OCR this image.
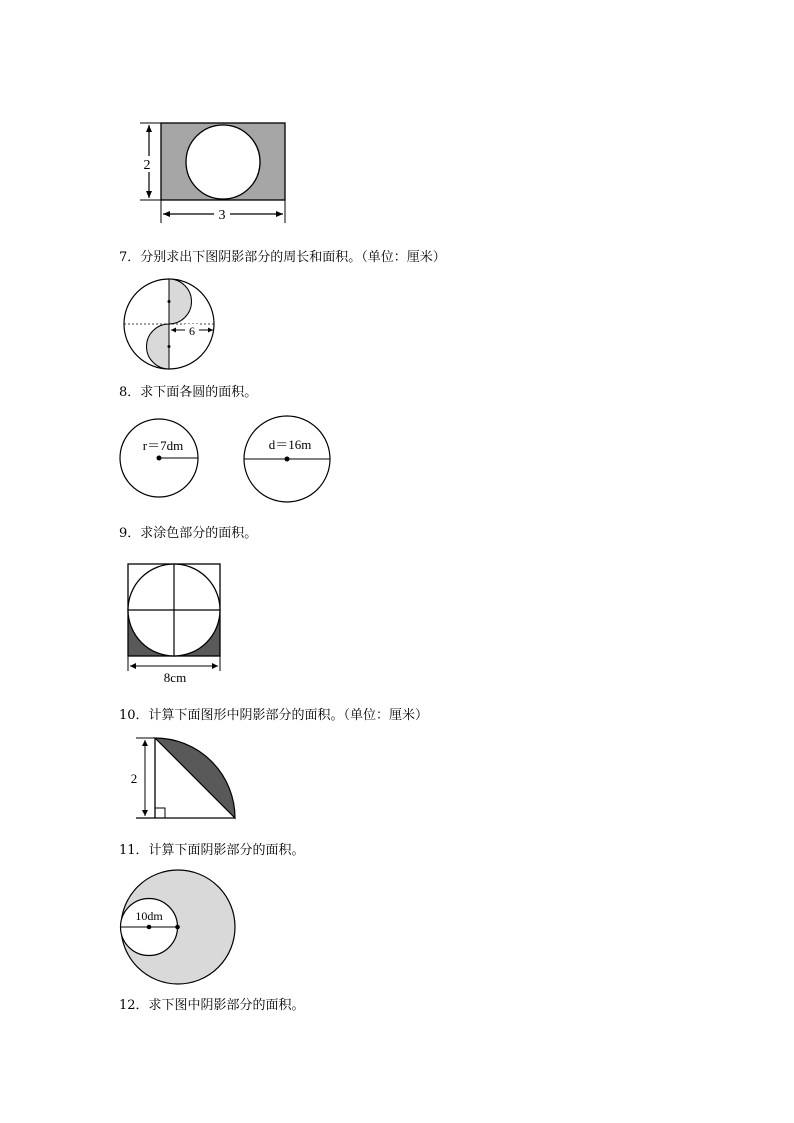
2
3
7．分别求出下图阴影部分的周长和面积。（单位：厘米）
6
8．求下面各圆的面积。
r＝7dm	d＝16m
9．求涂色部分的面积。
8cm
10．计算下面图形中阴影部分的面积。（单位：厘米）
2
11．计算下面阴影部分的面积。
10dm
12．求下图中阴影部分的面积。
